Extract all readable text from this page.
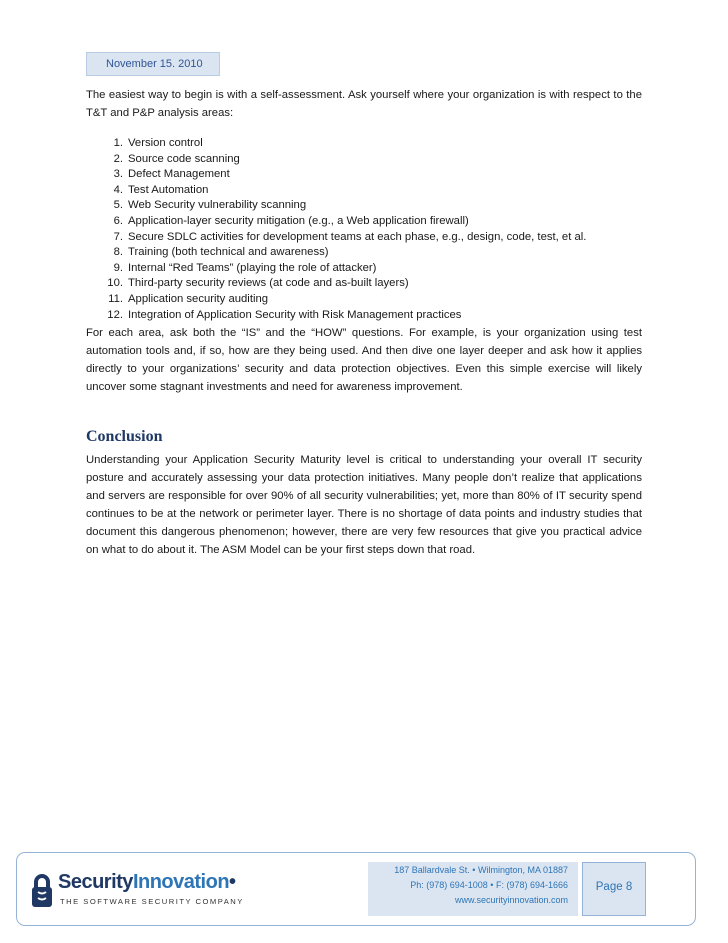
November 15. 2010

The easiest way to begin is with a self-assessment. Ask yourself where your organization is with respect to the T&T and P&P analysis areas:

1. Version control
2. Source code scanning
3. Defect Management
4. Test Automation
5. Web Security vulnerability scanning
6. Application-layer security mitigation (e.g., a Web application firewall)
7. Secure SDLC activities for development teams at each phase, e.g., design, code, test, et al.
8. Training (both technical and awareness)
9. Internal “Red Teams” (playing the role of attacker)
10. Third-party security reviews (at code and as-built layers)
11. Application security auditing
12. Integration of Application Security with Risk Management practices

For each area, ask both the “IS” and the “HOW” questions. For example, is your organization using test automation tools and, if so, how are they being used. And then dive one layer deeper and ask how it applies directly to your organizations’ security and data protection objectives. Even this simple exercise will likely uncover some stagnant investments and need for awareness improvement.

Conclusion

Understanding your Application Security Maturity level is critical to understanding your overall IT security posture and accurately assessing your data protection initiatives. Many people don’t realize that applications and servers are responsible for over 90% of all security vulnerabilities; yet, more than 80% of IT security spend continues to be at the network or perimeter layer. There is no shortage of data points and industry studies that document this dangerous phenomenon; however, there are very few resources that give you practical advice on what to do about it. The ASM Model can be your first steps down that road.

SecurityInnovation•
THE SOFTWARE SECURITY COMPANY
187 Ballardvale St. • Wilmington, MA 01887
Ph: (978) 694-1008 • F: (978) 694-1666
www.securityinnovation.com
Page 8
